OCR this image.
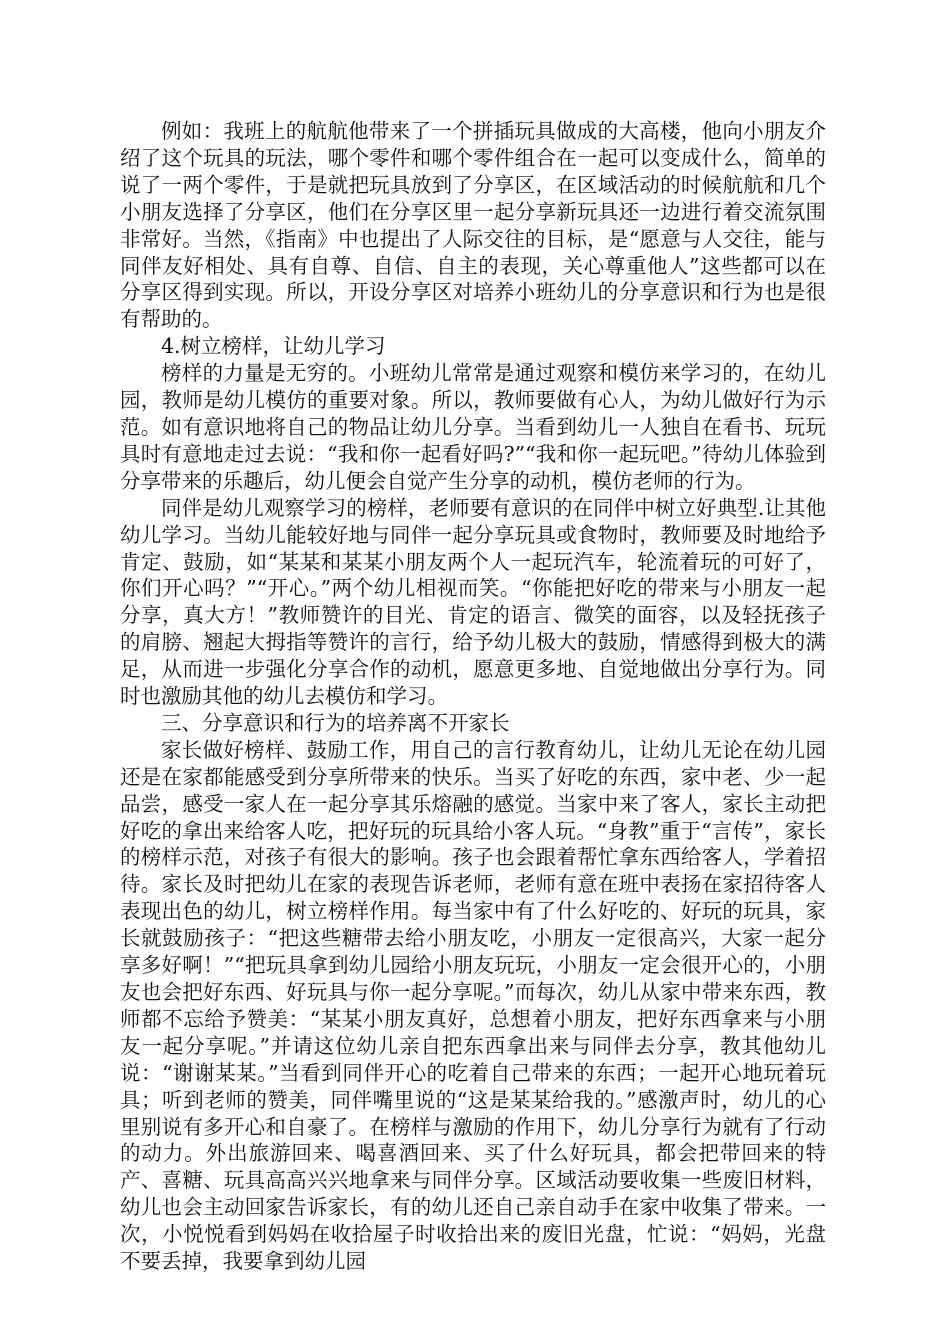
例如：我班上的航航他带来了一个拼插玩具做成的大高楼，他向小朋友介绍了这个玩具的玩法，哪个零件和哪个零件组合在一起可以变成什么，简单的说了一两个零件，于是就把玩具放到了分享区，在区域活动的时候航航和几个小朋友选择了分享区，他们在分享区里一起分享新玩具还一边进行着交流氛围非常好。当然，《指南》中也提出了人际交往的目标，是“愿意与人交往，能与同伴友好相处、具有自尊、自信、自主的表现，关心尊重他人”这些都可以在分享区得到实现。所以，开设分享区对培养小班幼儿的分享意识和行为也是很有帮助的。

4.树立榜样，让幼儿学习

榜样的力量是无穷的。小班幼儿常常是通过观察和模仿来学习的，在幼儿园，教师是幼儿模仿的重要对象。所以，教师要做有心人，为幼儿做好行为示范。如有意识地将自己的物品让幼儿分享。当看到幼儿一人独自在看书、玩玩具时有意地走过去说：“我和你一起看好吗?”“我和你一起玩吧。”待幼儿体验到分享带来的乐趣后，幼儿便会自觉产生分享的动机，模仿老师的行为。

同伴是幼儿观察学习的榜样，老师要有意识的在同伴中树立好典型.让其他幼儿学习。当幼儿能较好地与同伴一起分享玩具或食物时，教师要及时地给予肯定、鼓励，如“某某和某某小朋友两个人一起玩汽车，轮流着玩的可好了，你们开心吗？”“开心。”两个幼儿相视而笑。“你能把好吃的带来与小朋友一起分享，真大方！”教师赞许的目光、肯定的语言、微笑的面容，以及轻抚孩子的肩膀、翘起大拇指等赞许的言行，给予幼儿极大的鼓励，情感得到极大的满足，从而进一步强化分享合作的动机，愿意更多地、自觉地做出分享行为。同时也激励其他的幼儿去模仿和学习。

三、分享意识和行为的培养离不开家长

家长做好榜样、鼓励工作，用自己的言行教育幼儿，让幼儿无论在幼儿园还是在家都能感受到分享所带来的快乐。当买了好吃的东西，家中老、少一起品尝，感受一家人在一起分享其乐熔融的感觉。当家中来了客人，家长主动把好吃的拿出来给客人吃，把好玩的玩具给小客人玩。“身教”重于“言传”，家长的榜样示范，对孩子有很大的影响。孩子也会跟着帮忙拿东西给客人，学着招待。家长及时把幼儿在家的表现告诉老师，老师有意在班中表扬在家招待客人表现出色的幼儿，树立榜样作用。每当家中有了什么好吃的、好玩的玩具，家长就鼓励孩子：“把这些糖带去给小朋友吃，小朋友一定很高兴，大家一起分享多好啊！”“把玩具拿到幼儿园给小朋友玩玩，小朋友一定会很开心的，小朋友也会把好东西、好玩具与你一起分享呢。”而每次，幼儿从家中带来东西，教师都不忘给予赞美：“某某小朋友真好，总想着小朋友，把好东西拿来与小朋友一起分享呢。”并请这位幼儿亲自把东西拿出来与同伴去分享，教其他幼儿说：“谢谢某某。”当看到同伴开心的吃着自己带来的东西；一起开心地玩着玩具；听到老师的赞美，同伴嘴里说的“这是某某给我的。”感激声时，幼儿的心里别说有多开心和自豪了。在榜样与激励的作用下，幼儿分享行为就有了行动的动力。外出旅游回来、喝喜酒回来、买了什么好玩具，都会把带回来的特产、喜糖、玩具高高兴兴地拿来与同伴分享。区域活动要收集一些废旧材料，幼儿也会主动回家告诉家长，有的幼儿还自己亲自动手在家中收集了带来。一次，小悦悦看到妈妈在收拾屋子时收拾出来的废旧光盘，忙说：“妈妈，光盘不要丢掉，我要拿到幼儿园
